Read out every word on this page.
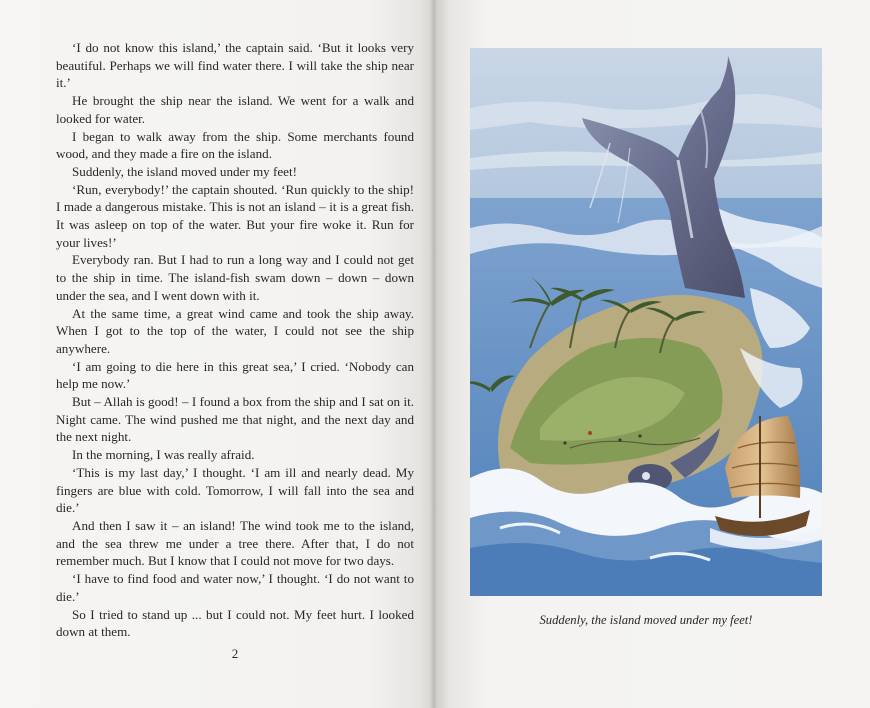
‘I do not know this island,’ the captain said. ‘But it looks very beautiful. Perhaps we will find water there. I will take the ship near it.’

He brought the ship near the island. We went for a walk and looked for water.

I began to walk away from the ship. Some merchants found wood, and they made a fire on the island.

Suddenly, the island moved under my feet!

‘Run, everybody!’ the captain shouted. ‘Run quickly to the ship! I made a dangerous mistake. This is not an island – it is a great fish. It was asleep on top of the water. But your fire woke it. Run for your lives!’

Everybody ran. But I had to run a long way and I could not get to the ship in time. The island-fish swam down – down – down under the sea, and I went down with it.

At the same time, a great wind came and took the ship away. When I got to the top of the water, I could not see the ship anywhere.

‘I am going to die here in this great sea,’ I cried. ‘Nobody can help me now.’

But – Allah is good! – I found a box from the ship and I sat on it. Night came. The wind pushed me that night, and the next day and the next night.

In the morning, I was really afraid.

‘This is my last day,’ I thought. ‘I am ill and nearly dead. My fingers are blue with cold. Tomorrow, I will fall into the sea and die.’

And then I saw it – an island! The wind took me to the island, and the sea threw me under a tree there. After that, I do not remember much. But I know that I could not move for two days.

‘I have to find food and water now,’ I thought. ‘I do not want to die.’

So I tried to stand up ... but I could not. My feet hurt. I looked down at them.

2
Suddenly, the island moved under my feet!
